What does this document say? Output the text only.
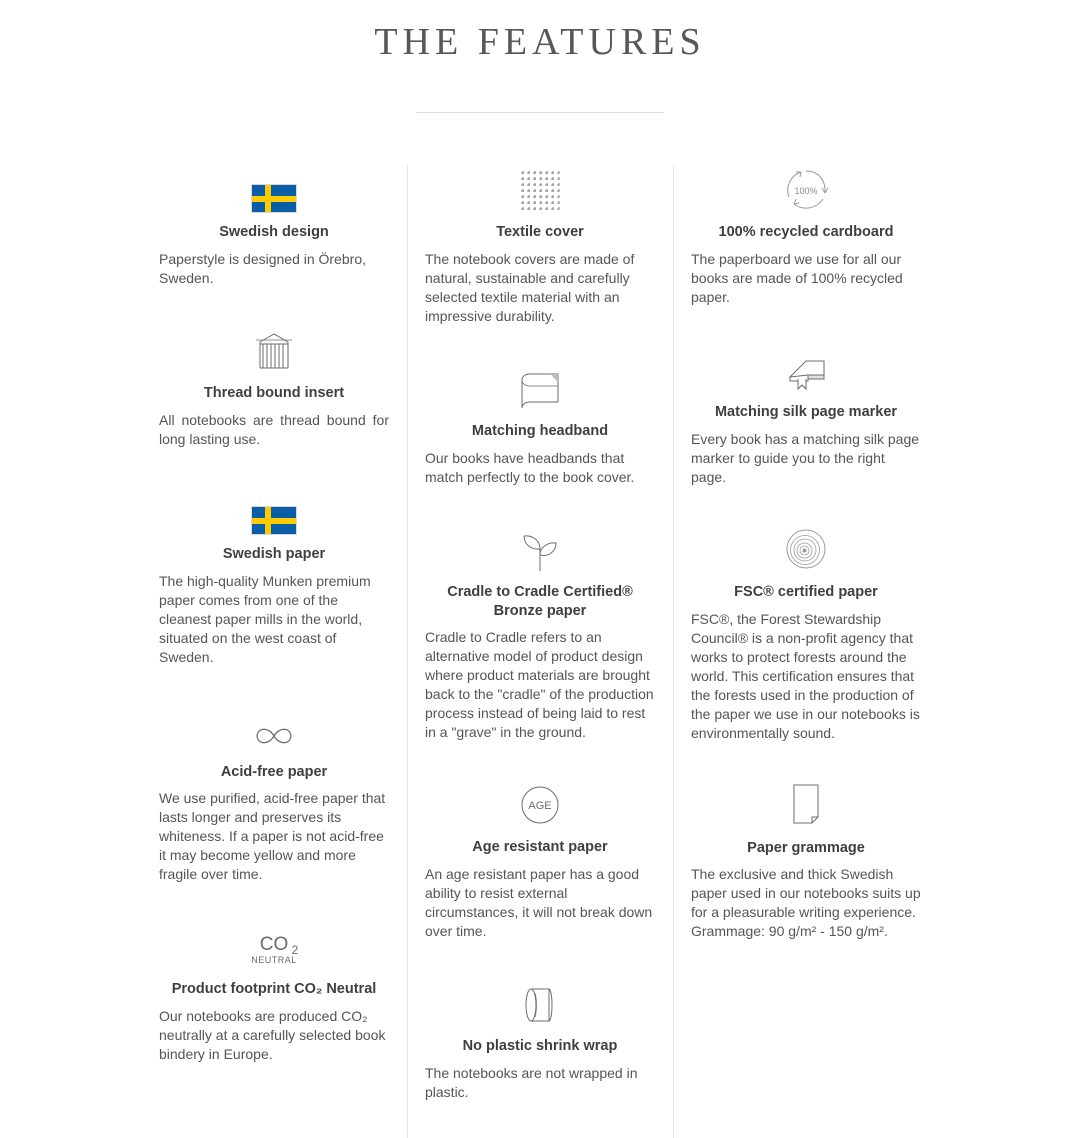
THE FEATURES
Swedish design
Paperstyle is designed in Örebro, Sweden.
Thread bound insert
All notebooks are thread bound for long lasting use.
Swedish paper
The high-quality Munken premium paper comes from one of the cleanest paper mills in the world, situated on the west coast of Sweden.
Acid-free paper
We use purified, acid-free paper that lasts longer and preserves its whiteness. If a paper is not acid-free it may become yellow and more fragile over time.
CO 2
NEUTRAL
Product footprint CO₂ Neutral
Our notebooks are produced CO₂ neutrally at a carefully selected book bindery in Europe.
Textile cover
The notebook covers are made of natural, sustainable and carefully selected textile material with an impressive durability.
Matching headband
Our books have headbands that match perfectly to the book cover.
Cradle to Cradle Certified® Bronze paper
Cradle to Cradle refers to an alternative model of product design where product materials are brought back to the "cradle" of the production process instead of being laid to rest in a "grave" in the ground.
AGE
Age resistant paper
An age resistant paper has a good ability to resist external circumstances, it will not break down over time.
No plastic shrink wrap
The notebooks are not wrapped in plastic.
100%
100% recycled cardboard
The paperboard we use for all our books are made of 100% recycled paper.
Matching silk page marker
Every book has a matching silk page marker to guide you to the right page.
FSC® certified paper
FSC®, the Forest Stewardship Council® is a non-profit agency that works to protect forests around the world. This certification ensures that the forests used in the production of the paper we use in our notebooks is environmentally sound.
Paper grammage
The exclusive and thick Swedish paper used in our notebooks suits up for a pleasurable writing experience. Grammage: 90 g/m² - 150 g/m².
